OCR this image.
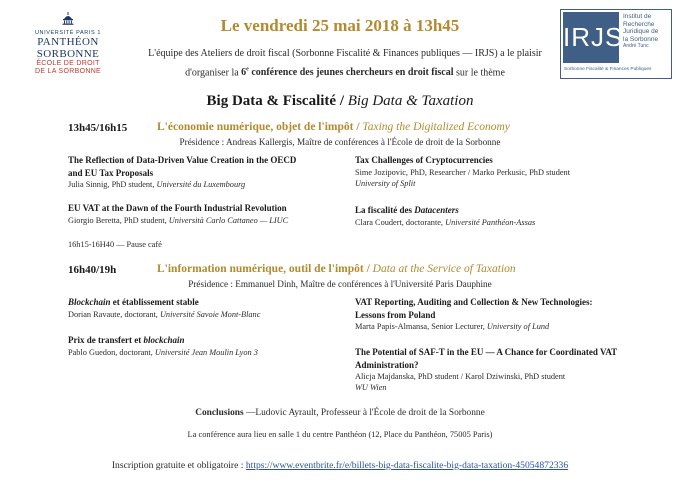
UNIVERSITÉ PARIS 1
PANTHÉON SORBONNE
ÉCOLE DE DROIT
DE LA SORBONNE
IRJS
Institut de
Recherche
Juridique de
la Sorbonne
André Tunc
Sorbonne Fiscalité & Finances Publiques
Le vendredi 25 mai 2018 à 13h45
L'équipe des Ateliers de droit fiscal (Sorbonne Fiscalité & Finances publiques — IRJS) a le plaisir
d'organiser la 6e conférence des jeunes chercheurs en droit fiscal sur le thème
Big Data & Fiscalité / Big Data & Taxation
13h45/16h15	L'économie numérique, objet de l'impôt / Taxing the Digitalized Economy
Présidence : Andreas Kallergis, Maître de conférences à l'École de droit de la Sorbonne
The Reflection of Data-Driven Value Creation in the OECD
and EU Tax Proposals
Julia Sinnig, PhD student, Université du Luxembourg
EU VAT at the Dawn of the Fourth Industrial Revolution
Giorgio Beretta, PhD student, Università Carlo Cattaneo — LIUC
Tax Challenges of Cryptocurrencies
Sime Jozipovic, PhD, Researcher / Marko Perkusic, PhD student
University of Split
La fiscalité des Datacenters
Clara Coudert, doctorante, Université Panthéon-Assas
16h15-16H40 — Pause café
16h40/19h	L'information numérique, outil de l'impôt / Data at the Service of Taxation
Présidence : Emmanuel Dinh, Maître de conférences à l'Université Paris Dauphine
Blockchain et établissement stable
Dorian Ravaute, doctorant, Université Savoie Mont-Blanc
Prix de transfert et blockchain
Pablo Guedon, doctorant, Université Jean Moulin Lyon 3
VAT Reporting, Auditing and Collection & New Technologies:
Lessons from Poland
Marta Papis-Almansa, Senior Lecturer, University of Lund
The Potential of SAF-T in the EU — A Chance for Coordinated VAT
Administration?
Alicja Majdanska, PhD student / Karol Dziwinski, PhD student
WU Wien
Conclusions —Ludovic Ayrault, Professeur à l'École de droit de la Sorbonne
La conférence aura lieu en salle 1 du centre Panthéon (12, Place du Panthéon, 75005 Paris)
Inscription gratuite et obligatoire : https://www.eventbrite.fr/e/billets-big-data-fiscalite-big-data-taxation-45054872336
